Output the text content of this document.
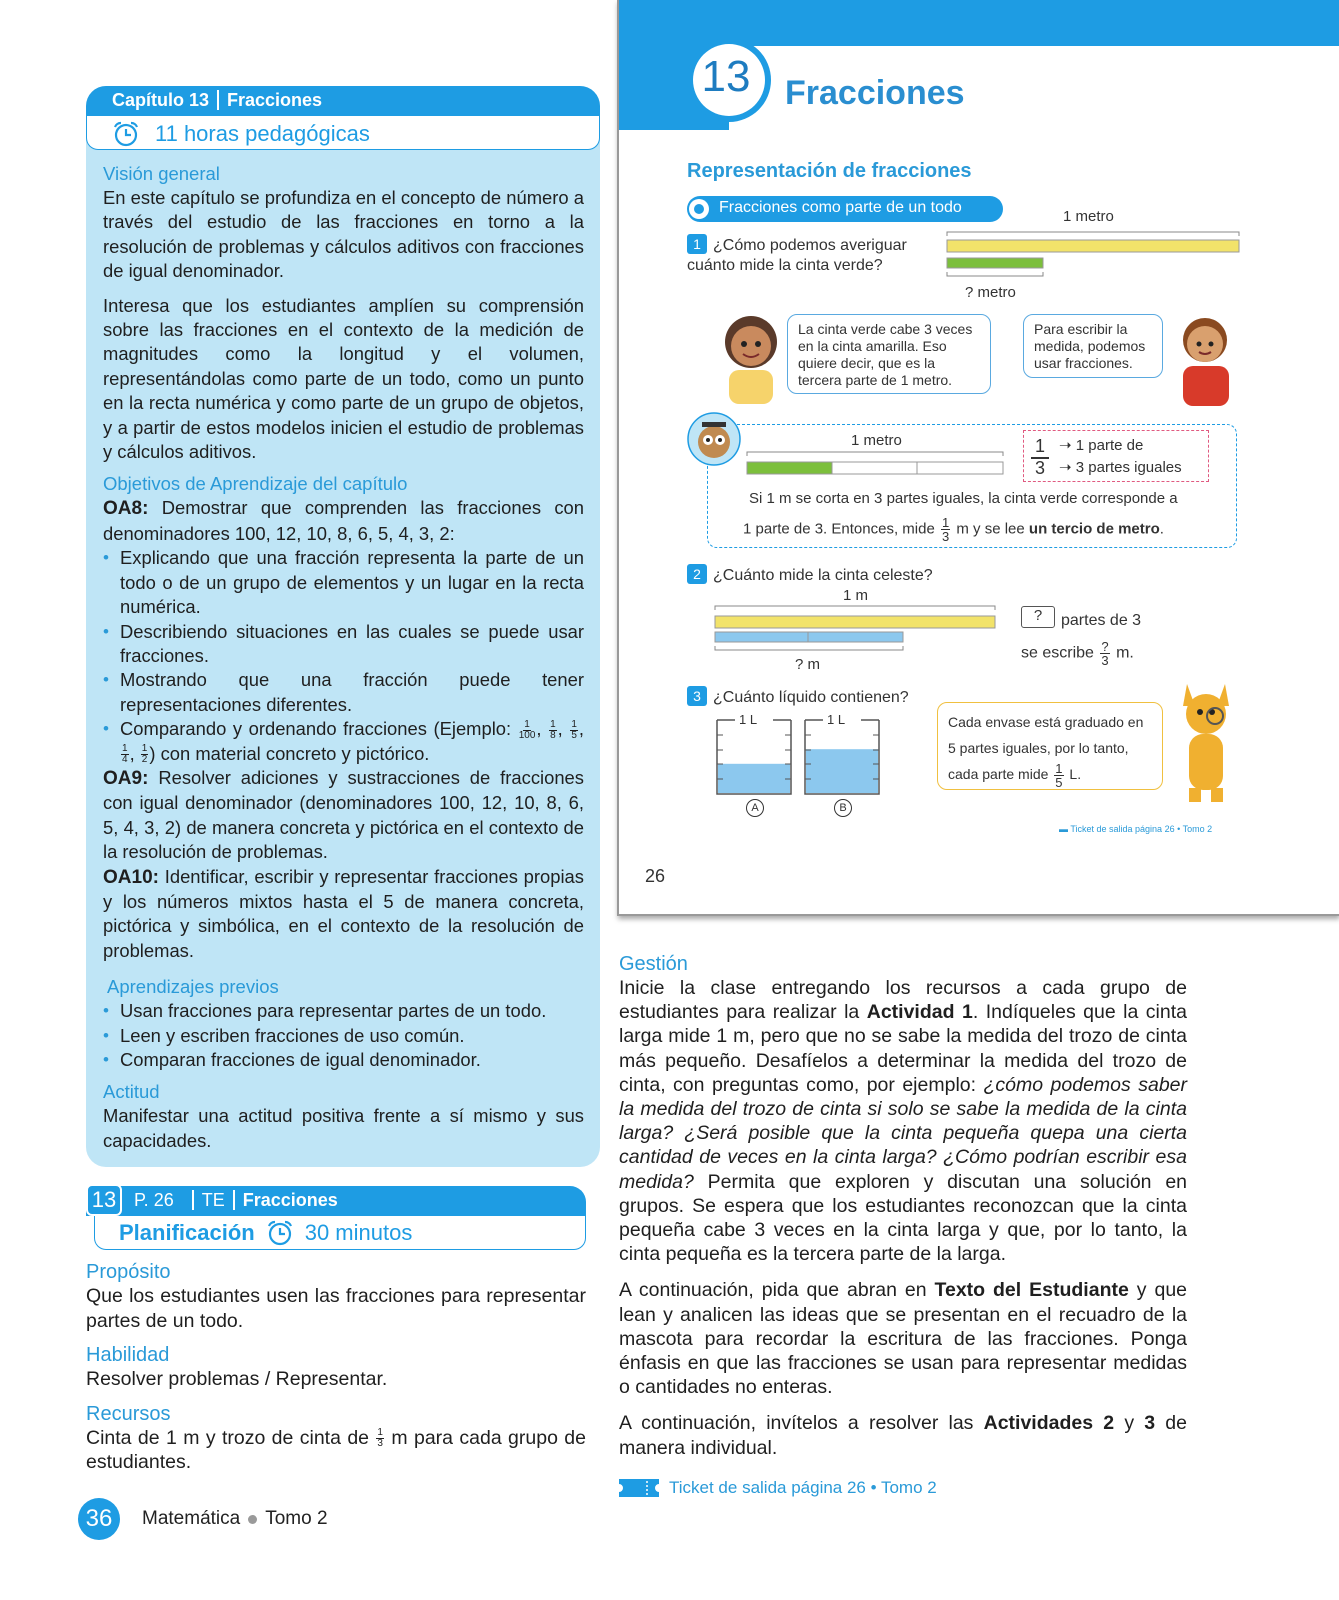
Capítulo 13 Fracciones
11 horas pedagógicas
Visión general

En este capítulo se profundiza en el concepto de número a través del estudio de las fracciones en torno a la resolución de problemas y cálculos aditivos con fracciones de igual denominador.

Interesa que los estudiantes amplíen su comprensión sobre las fracciones en el contexto de la medición de magnitudes como la longitud y el volumen, representándolas como parte de un todo, como un punto en la recta numérica y como parte de un grupo de objetos, y a partir de estos modelos inicien el estudio de problemas y cálculos aditivos.

Objetivos de Aprendizaje del capítulo

OA8: Demostrar que comprenden las fracciones con denominadores 100, 12, 10, 8, 6, 5, 4, 3, 2:

• Explicando que una fracción representa la parte de un todo o de un grupo de elementos y un lugar en la recta numérica.
• Describiendo situaciones en las cuales se puede usar fracciones.
• Mostrando que una fracción puede tener representaciones diferentes.
• Comparando y ordenando fracciones (Ejemplo: $\frac{1}{100}$ , $\frac{1}{8}$ , $\frac{1}{5}$ ,
$\frac{1}{4}$ , $\frac{1}{2}$ ) con material concreto y pictórico.

OA9: Resolver adiciones y sustracciones de fracciones con igual denominador (denominadores 100, 12, 10, 8, 6, 5, 4, 3, 2) de manera concreta y pictórica en el contexto de la resolución de problemas.

OA10: Identificar, escribir y representar fracciones propias y los números mixtos hasta el 5 de manera concreta, pictórica y simbólica, en el contexto de la resolución de problemas.

Aprendizajes previos
• Usan fracciones para representar partes de un todo.
• Leen y escriben fracciones de uso común.
• Comparan fracciones de igual denominador.
Actitud

Manifestar una actitud positiva frente a sí mismo y sus capacidades.

13 P. 26 TE Fracciones
Planificación 30 minutos
Propósito

Que los estudiantes usen las fracciones para representar partes de un todo.

Habilidad

Resolver problemas / Representar.

Recursos

Cinta de 1 m y trozo de cinta de $\frac{1}{3}$ m para cada grupo de estudiantes.

36	Matemática Tomo 2
13	Fracciones
Representación de fracciones
Fracciones como parte de un todo
1 ¿Cómo podemos averiguar cuánto mide la cinta verde?
1 metro
? metro
La cinta verde cabe 3 veces en la cinta amarilla. Eso quiere decir, que es la tercera parte de 1 metro.
Para escribir la medida, podemos usar fracciones.
1 metro	1
3
➝ 1 parte de
➝ 3 partes iguales
Si 1 m se corta en 3 partes iguales, la cinta verde corresponde a
1 parte de 3. Entonces, mide $\frac{1}{3}$ m y se lee un tercio de metro.
2 ¿Cuánto mide la cinta celeste?
1 m
? m
?	partes de 3
se escribe ?
3 m.
3 ¿Cuánto líquido contienen?
1 L	1 L
A	B
Cada envase está graduado en 5 partes iguales, por lo tanto, cada parte mide $\frac{1}{5} L$.
▬ Ticket de salida página 26 • Tomo 2
26
Gestión

Inicie la clase entregando los recursos a cada grupo de estudiantes para realizar la Actividad 1. Indíqueles que la cinta larga mide 1 m, pero que no se sabe la medida del trozo de cinta más pequeño. Desafíelos a determinar la medida del trozo de cinta, con preguntas como, por ejemplo: ¿cómo podemos saber la medida del trozo de cinta si solo se sabe la medida de la cinta larga? ¿Será posible que la cinta pequeña quepa una cierta cantidad de veces en la cinta larga? ¿Cómo podrían escribir esa medida? Permita que exploren y discutan una solución en grupos. Se espera que los estudiantes reconozcan que la cinta pequeña cabe 3 veces en la cinta larga y que, por lo tanto, la cinta pequeña es la tercera parte de la larga.

A continuación, pida que abran en Texto del Estudiante y que lean y analicen las ideas que se presentan en el recuadro de la mascota para recordar la escritura de las fracciones. Ponga énfasis en que las fracciones se usan para representar medidas o cantidades no enteras.

A continuación, invítelos a resolver las Actividades 2 y 3 de manera individual.

Ticket de salida página 26 • Tomo 2
